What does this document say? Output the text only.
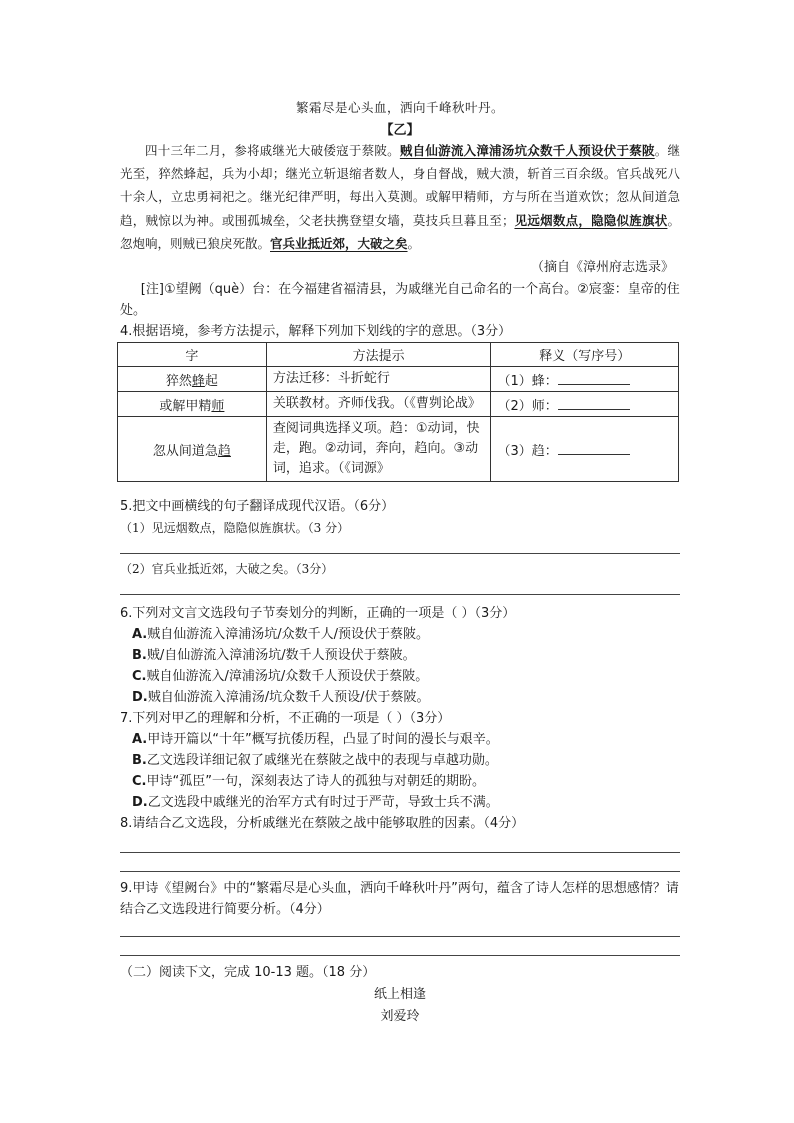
繁霜尽是心头血，洒向千峰秋叶丹。
【乙】

四十三年二月，参将戚继光大破倭寇于蔡陂。贼自仙游流入漳浦汤坑众数千人预设伏于蔡陂。继光至，猝然蜂起，兵为小却；继光立斩退缩者数人，身自督战，贼大溃，斩首三百余级。官兵战死八十余人，立忠勇祠祀之。继光纪律严明，每出入莫测。或解甲精师，方与所在当道欢饮；忽从间道急趋，贼惊以为神。或围孤城垒，父老扶携登望女墙，莫技兵旦暮且至；见远烟数点，隐隐似旌旗状。忽炮响，则贼已狼戾死散。官兵业抵近郊，大破之矣。

（摘自《漳州府志选录》

[注]①望阙（què）台：在今福建省福清县，为戚继光自己命名的一个高台。②宸銮：皇帝的住处。

4.根据语境，参考方法提示，解释下列加下划线的字的意思。（3分）

字	方法提示	释义（写序号）
猝然蜂起	方法迁移：斗折蛇行	（1）蜂：
或解甲精师	关联教材。齐师伐我。（《曹刿论战》	（2）师：
忽从间道急趋	查阅词典选择义项。趋：①动词，快走，跑。②动词，奔向，趋向。③动词，追求。（《词源》	（3）趋：

5.把文中画横线的句子翻译成现代汉语。（6分）

（1）见远烟数点，隐隐似旌旗状。（3 分）

（2）官兵业抵近郊，大破之矣。（3分）

6.下列对文言文选段句子节奏划分的判断，正确的一项是（ ）（3分）

A.贼自仙游流入漳浦汤坑/众数千人/预设伏于蔡陂。

B.贼/自仙游流入漳浦汤坑/数千人预设伏于蔡陂。

C.贼自仙游流入/漳浦汤坑/众数千人预设伏于蔡陂。

D.贼自仙游流入漳浦汤/坑众数千人预设/伏于蔡陂。

7.下列对甲乙的理解和分析，不正确的一项是（ ）（3分）

A.甲诗开篇以“十年”概写抗倭历程，凸显了时间的漫长与艰辛。

B.乙文选段详细记叙了戚继光在蔡陂之战中的表现与卓越功勋。

C.甲诗“孤臣”一句，深刻表达了诗人的孤独与对朝廷的期盼。

D.乙文选段中戚继光的治军方式有时过于严苛，导致士兵不满。

8.请结合乙文选段，分析戚继光在蔡陂之战中能够取胜的因素。（4分）

9.甲诗《望阙台》中的“繁霜尽是心头血，洒向千峰秋叶丹”两句，蕴含了诗人怎样的思想感情？请结合乙文选段进行简要分析。（4分）

（二）阅读下文，完成 10-13 题。（18 分）

纸上相逢

刘爱玲
